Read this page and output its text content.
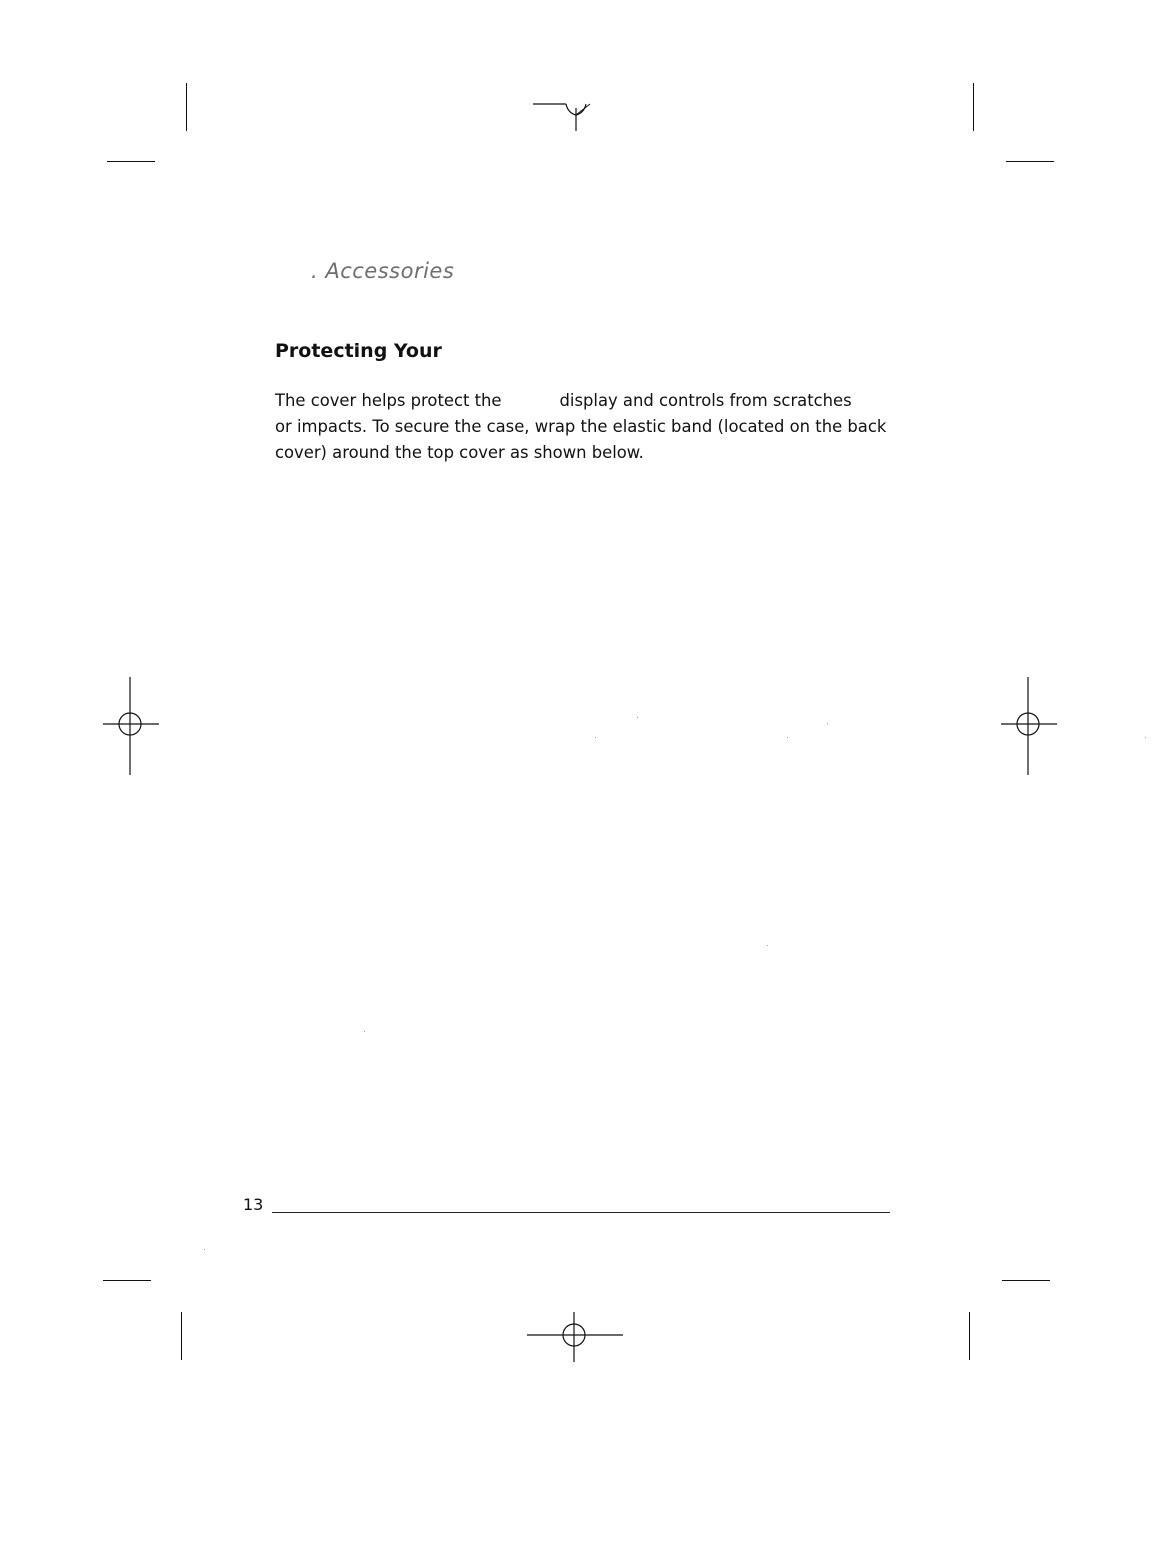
. Accessories
Protecting Your
The cover helps protect the	display and controls from scratches
or impacts. To secure the case, wrap the elastic band (located on the back
cover) around the top cover as shown below.
13
